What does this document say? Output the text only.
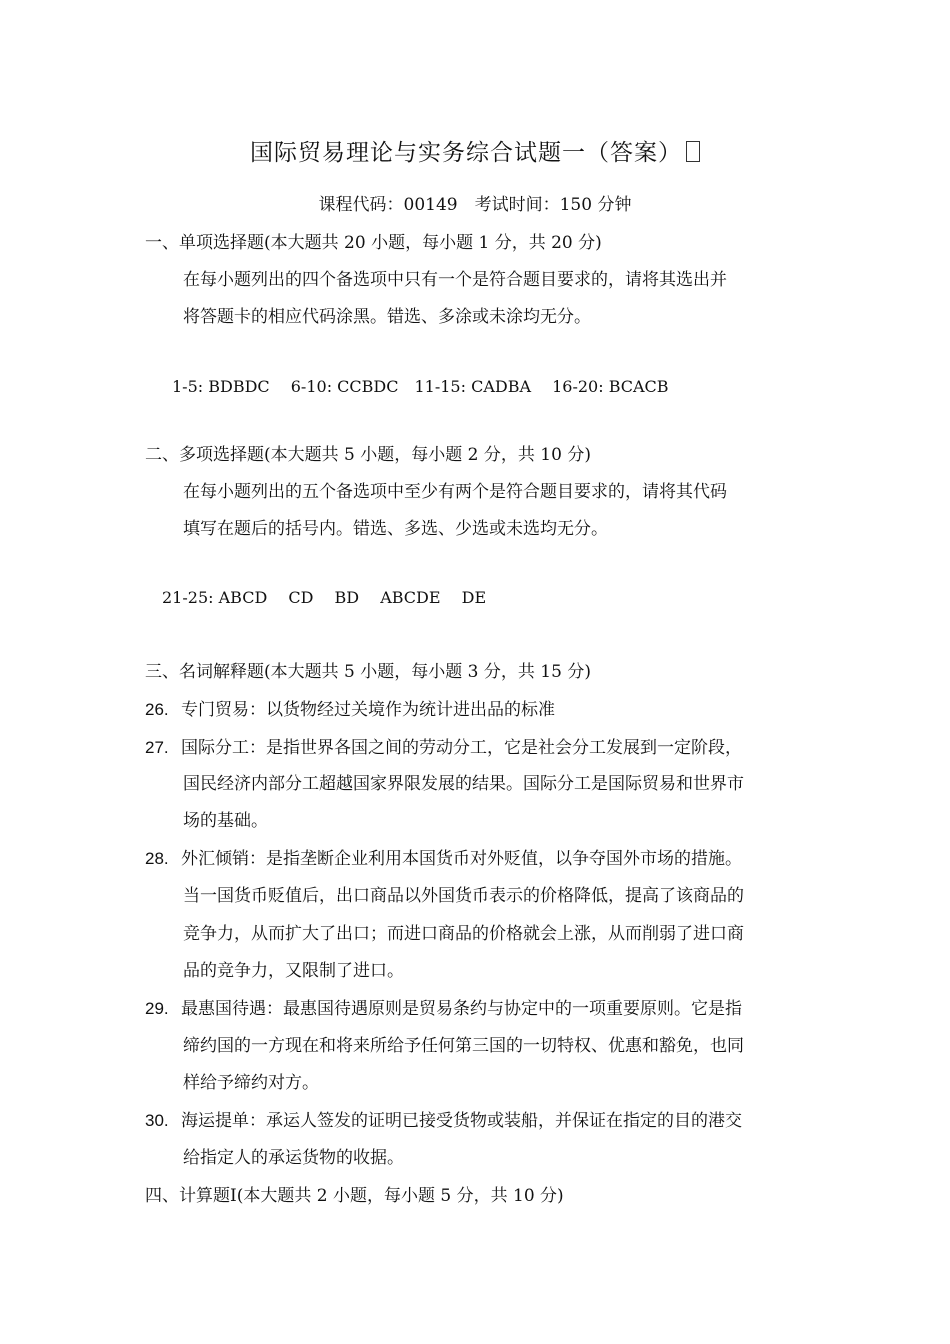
国际贸易理论与实务综合试题一（答案）
课程代码：00149　考试时间：150 分钟
一、单项选择题(本大题共 20 小题，每小题 1 分，共 20 分)
在每小题列出的四个备选项中只有一个是符合题目要求的，请将其选出并
将答题卡的相应代码涂黑。错选、多涂或未涂均无分。
1-5: BDBDC　 6-10: CCBDC　11-15: CADBA　 16-20: BCACB
二、多项选择题(本大题共 5 小题，每小题 2 分，共 10 分)
在每小题列出的五个备选项中至少有两个是符合题目要求的，请将其代码
填写在题后的括号内。错选、多选、少选或未选均无分。
21-25: ABCD　 CD　 BD　 ABCDE　 DE
三、名词解释题(本大题共 5 小题，每小题 3 分，共 15 分)
26. 专门贸易：以货物经过关境作为统计进出品的标准
27. 国际分工：是指世界各国之间的劳动分工，它是社会分工发展到一定阶段，
国民经济内部分工超越国家界限发展的结果。国际分工是国际贸易和世界市
场的基础。
28. 外汇倾销：是指垄断企业利用本国货币对外贬值，以争夺国外市场的措施。
当一国货币贬值后，出口商品以外国货币表示的价格降低，提高了该商品的
竞争力，从而扩大了出口；而进口商品的价格就会上涨，从而削弱了进口商
品的竞争力，又限制了进口。
29. 最惠国待遇：最惠国待遇原则是贸易条约与协定中的一项重要原则。它是指
缔约国的一方现在和将来所给予任何第三国的一切特权、优惠和豁免，也同
样给予缔约对方。
30. 海运提单：承运人签发的证明已接受货物或装船，并保证在指定的目的港交
给指定人的承运货物的收据。
四、计算题Ⅰ(本大题共 2 小题，每小题 5 分，共 10 分)
